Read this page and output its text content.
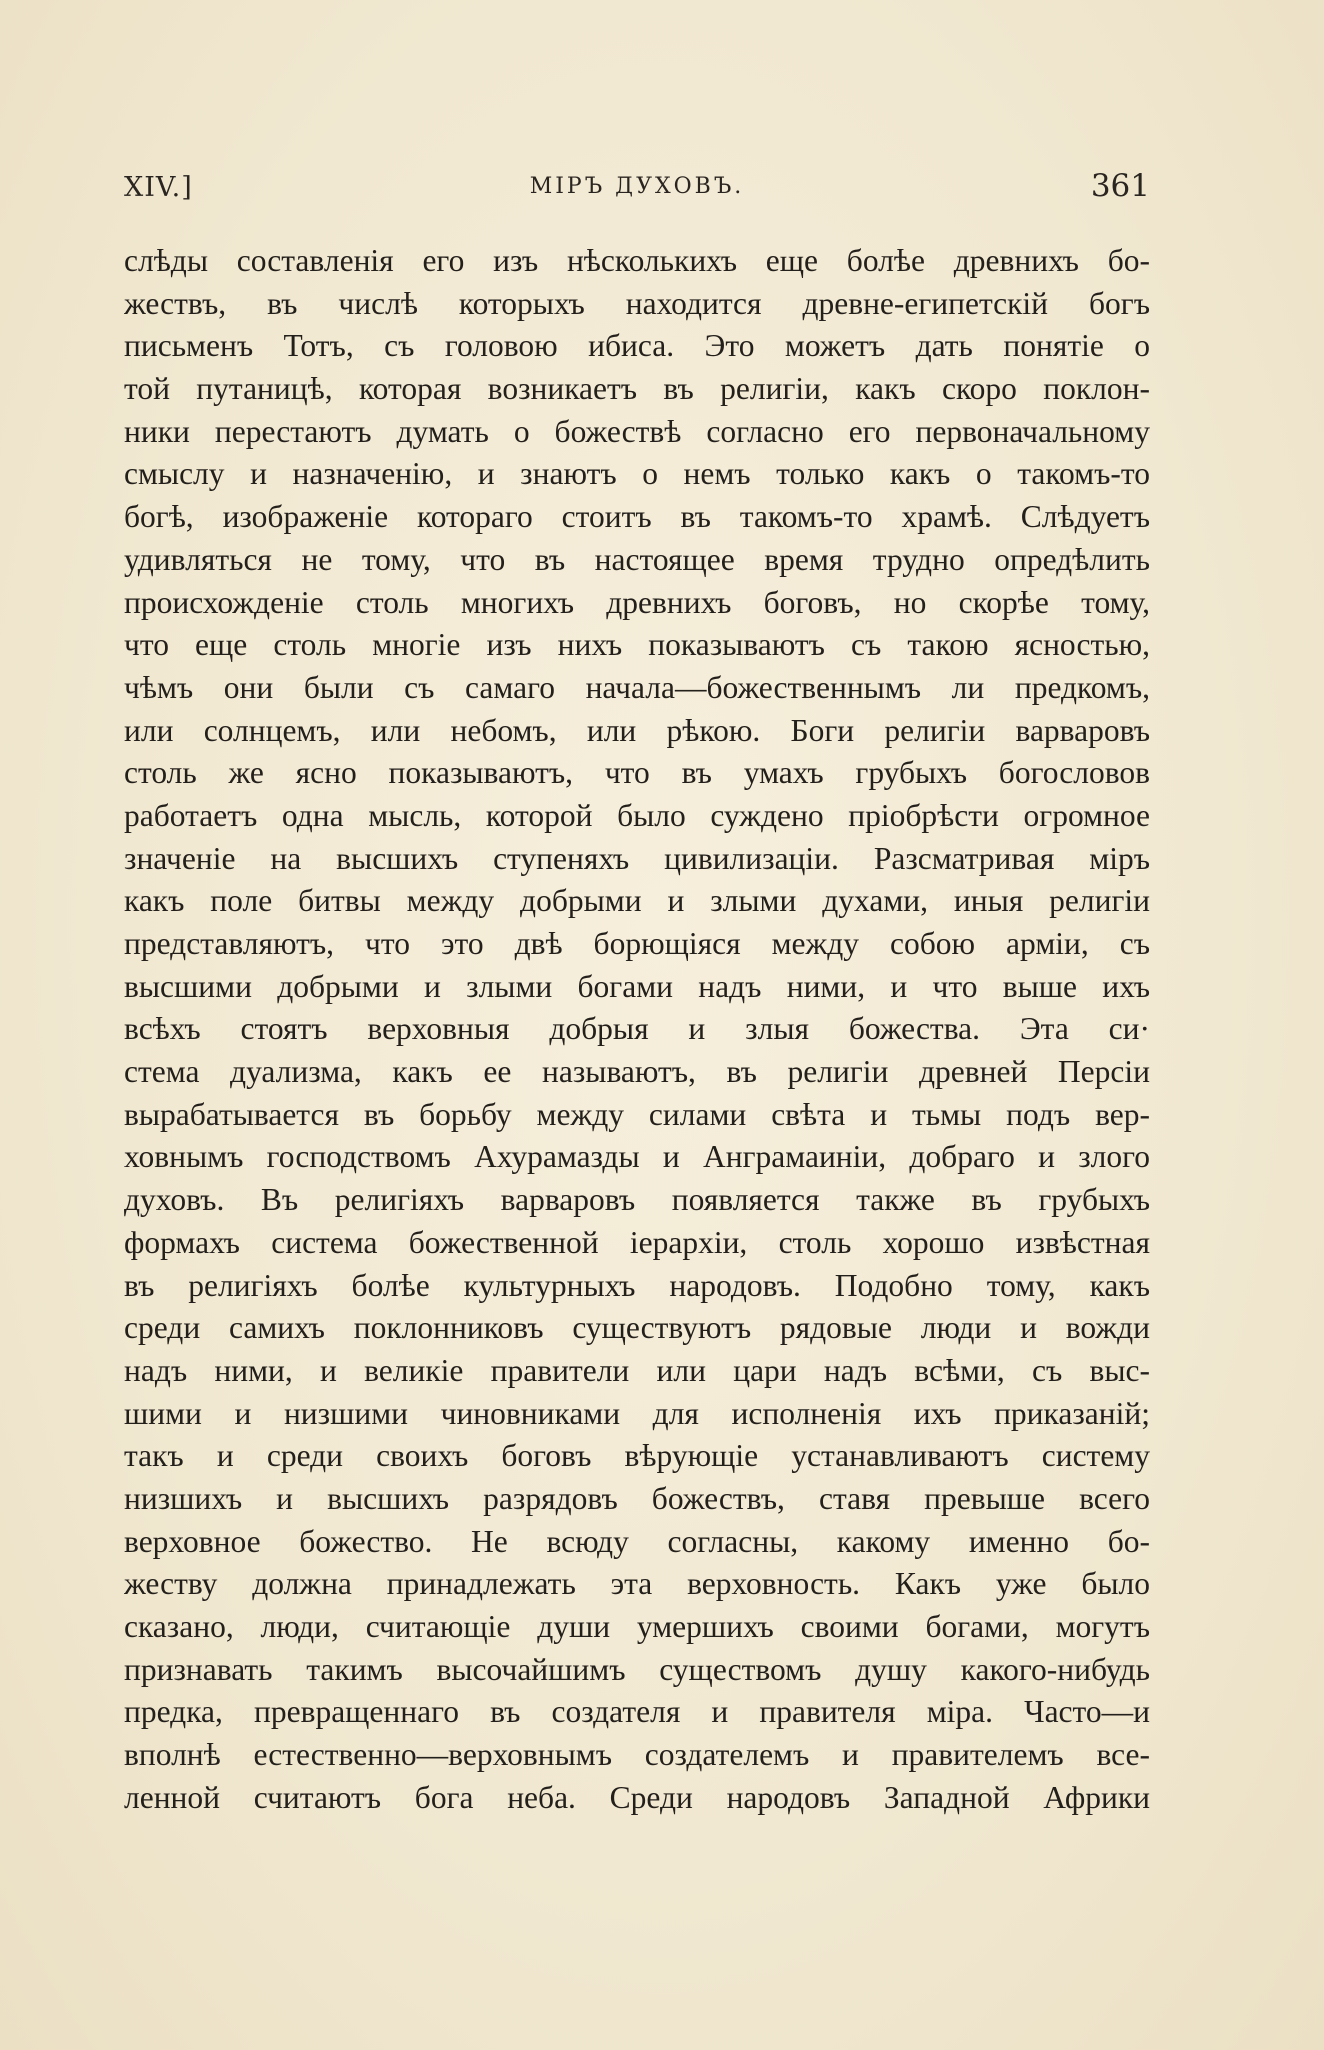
XIV.]	МІРЪ ДУХОВЪ.	361
слѣды составленія его изъ нѣсколькихъ еще болѣе древнихъ бо-
жествъ, въ числѣ которыхъ находится древне-египетскій богъ
письменъ Тотъ, съ головою ибиса. Это можетъ дать понятіе о
той путаницѣ, которая возникаетъ въ религіи, какъ скоро поклон-
ники перестаютъ думать о божествѣ согласно его первоначальному
смыслу и назначенію, и знаютъ о немъ только какъ о такомъ-то
богѣ, изображеніе котораго стоитъ въ такомъ-то храмѣ. Слѣдуетъ
удивляться не тому, что въ настоящее время трудно опредѣлить
происхожденіе столь многихъ древнихъ боговъ, но скорѣе тому,
что еще столь многіе изъ нихъ показываютъ съ такою ясностью,
чѣмъ они были съ самаго начала—божественнымъ ли предкомъ,
или солнцемъ, или небомъ, или рѣкою. Боги религіи варваровъ
столь же ясно показываютъ, что въ умахъ грубыхъ богословов
работаетъ одна мысль, которой было суждено пріобрѣсти огромное
значеніе на высшихъ ступеняхъ цивилизаціи. Разсматривая міръ
какъ поле битвы между добрыми и злыми духами, иныя религіи
представляютъ, что это двѣ борющіяся между собою арміи, съ
высшими добрыми и злыми богами надъ ними, и что выше ихъ
всѣхъ стоятъ верховныя добрыя и злыя божества. Эта си·
стема дуализма, какъ ее называютъ, въ религіи древней Персіи
вырабатывается въ борьбу между силами свѣта и тьмы подъ вер-
ховнымъ господствомъ Ахурамазды и Анграмаиніи, добраго и злого
духовъ. Въ религіяхъ варваровъ появляется также въ грубыхъ
формахъ система божественной іерархіи, столь хорошо извѣстная
въ религіяхъ болѣе культурныхъ народовъ. Подобно тому, какъ
среди самихъ поклонниковъ существуютъ рядовые люди и вожди
надъ ними, и великіе правители или цари надъ всѣми, съ выс-
шими и низшими чиновниками для исполненія ихъ приказаній;
такъ и среди своихъ боговъ вѣрующіе устанавливаютъ систему
низшихъ и высшихъ разрядовъ божествъ, ставя превыше всего
верховное божество. Не всюду согласны, какому именно бо-
жеству должна принадлежать эта верховность. Какъ уже было
сказано, люди, считающіе души умершихъ своими богами, могутъ
признавать такимъ высочайшимъ существомъ душу какого-нибудь
предка, превращеннаго въ создателя и правителя міра. Часто—и
вполнѣ естественно—верховнымъ создателемъ и правителемъ все-
ленной считаютъ бога неба. Среди народовъ Западной Африки
